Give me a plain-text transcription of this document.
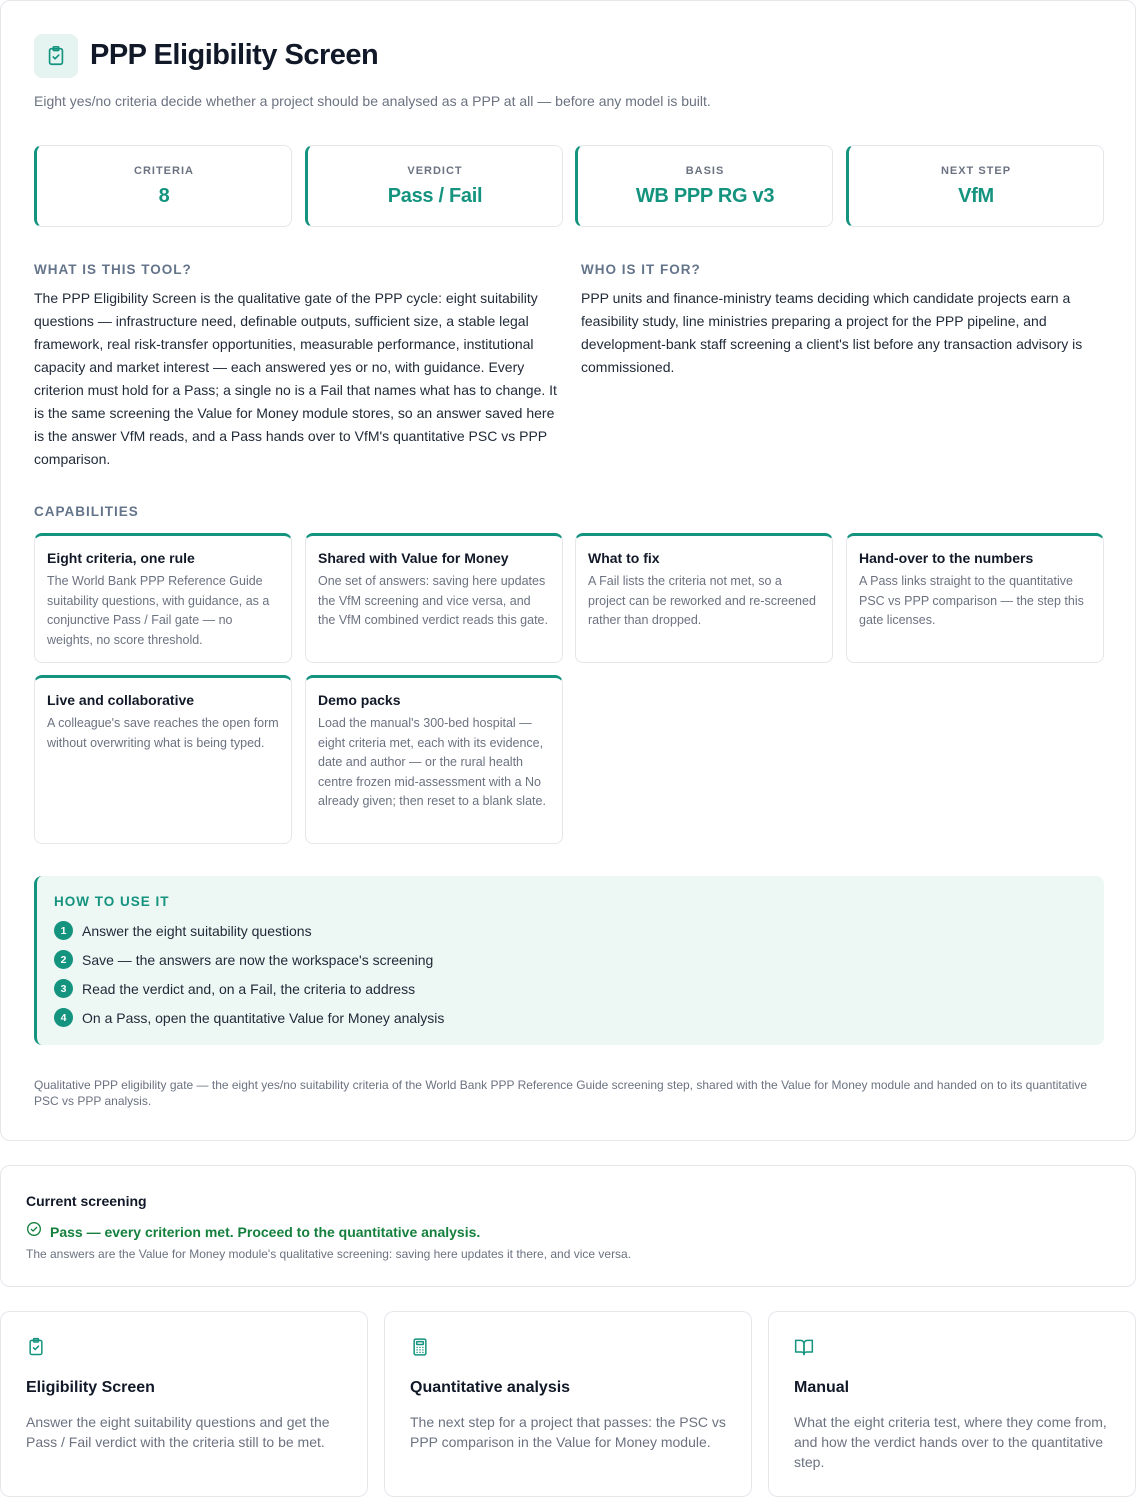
PPP Eligibility Screen
Eight yes/no criteria decide whether a project should be analysed as a PPP at all — before any model is built.
CRITERIA
8
VERDICT
Pass / Fail
BASIS
WB PPP RG v3
NEXT STEP
VfM
WHAT IS THIS TOOL?
The PPP Eligibility Screen is the qualitative gate of the PPP cycle: eight suitability questions — infrastructure need, definable outputs, sufficient size, a stable legal framework, real risk-transfer opportunities, measurable performance, institutional capacity and market interest — each answered yes or no, with guidance. Every criterion must hold for a Pass; a single no is a Fail that names what has to change. It is the same screening the Value for Money module stores, so an answer saved here is the answer VfM reads, and a Pass hands over to VfM's quantitative PSC vs PPP comparison.
WHO IS IT FOR?
PPP units and finance-ministry teams deciding which candidate projects earn a feasibility study, line ministries preparing a project for the PPP pipeline, and development-bank staff screening a client's list before any transaction advisory is commissioned.
CAPABILITIES
Eight criteria, one rule
The World Bank PPP Reference Guide suitability questions, with guidance, as a conjunctive Pass / Fail gate — no weights, no score threshold.
Shared with Value for Money
One set of answers: saving here updates the VfM screening and vice versa, and the VfM combined verdict reads this gate.
What to fix
A Fail lists the criteria not met, so a project can be reworked and re-screened rather than dropped.
Hand-over to the numbers
A Pass links straight to the quantitative PSC vs PPP comparison — the step this gate licenses.
Live and collaborative
A colleague's save reaches the open form without overwriting what is being typed.
Demo packs
Load the manual's 300-bed hospital — eight criteria met, each with its evidence, date and author — or the rural health centre frozen mid-assessment with a No already given; then reset to a blank slate.
HOW TO USE IT
1	Answer the eight suitability questions
2	Save — the answers are now the workspace's screening
3	Read the verdict and, on a Fail, the criteria to address
4	On a Pass, open the quantitative Value for Money analysis
Qualitative PPP eligibility gate — the eight yes/no suitability criteria of the World Bank PPP Reference Guide screening step, shared with the Value for Money module and handed on to its quantitative PSC vs PPP analysis.
Current screening
Pass — every criterion met. Proceed to the quantitative analysis.
The answers are the Value for Money module's qualitative screening: saving here updates it there, and vice versa.
Eligibility Screen
Answer the eight suitability questions and get the Pass / Fail verdict with the criteria still to be met.
Quantitative analysis
The next step for a project that passes: the PSC vs PPP comparison in the Value for Money module.
Manual
What the eight criteria test, where they come from, and how the verdict hands over to the quantitative step.
